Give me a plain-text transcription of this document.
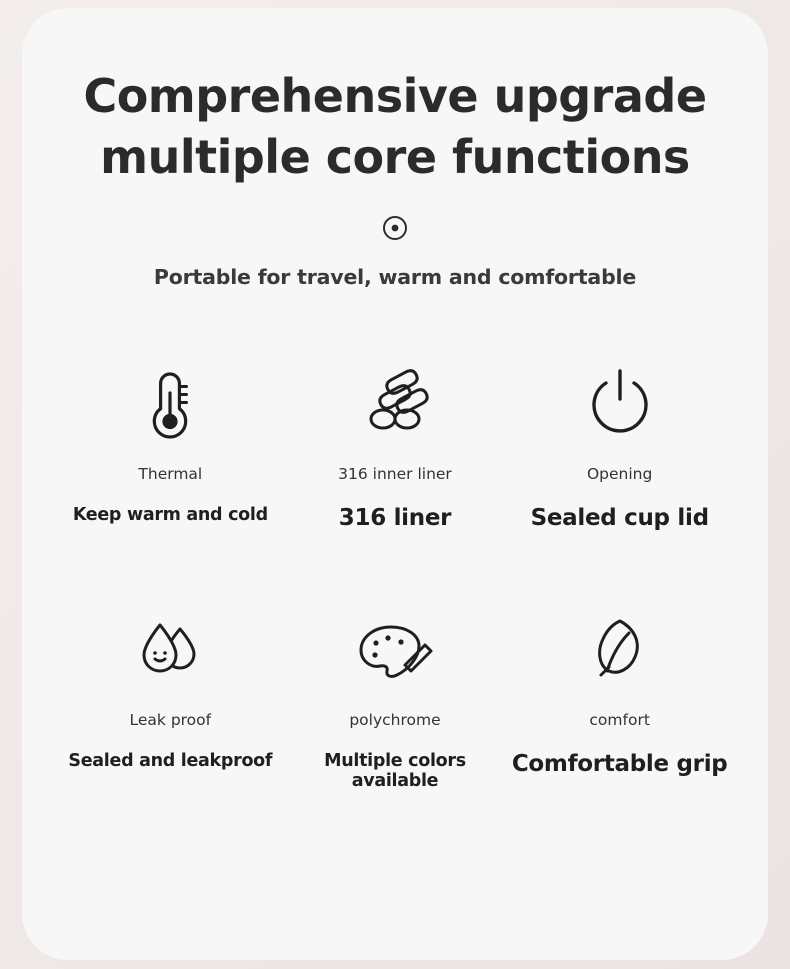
Comprehensive upgrade
multiple core functions

Portable for travel, warm and comfortable

Thermal
Keep warm and cold
316 inner liner
316 liner
Opening
Sealed cup lid
Leak proof
Sealed and leakproof
polychrome
Multiple colors available
comfort
Comfortable grip
